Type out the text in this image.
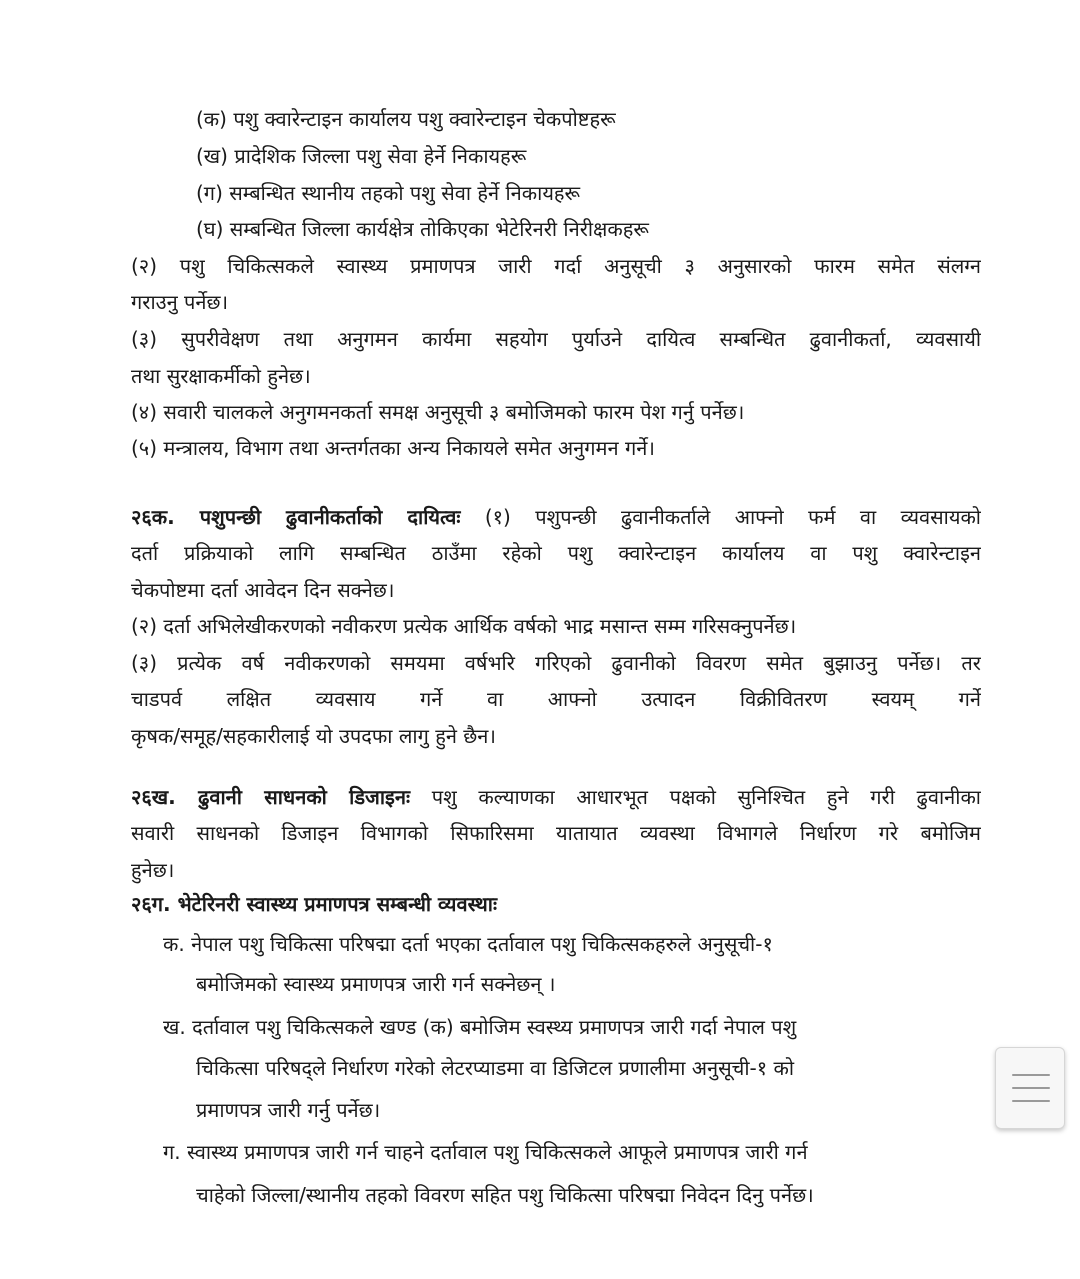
(क) पशु क्वारेन्टाइन कार्यालय पशु क्वारेन्टाइन चेकपोष्टहरू
(ख) प्रादेशिक जिल्ला पशु सेवा हेर्ने निकायहरू
(ग) सम्बन्धित स्थानीय तहको पशु सेवा हेर्ने निकायहरू
(घ) सम्बन्धित जिल्ला कार्यक्षेत्र तोकिएका भेटेरिनरी निरीक्षकहरू
(२) पशु चिकित्सकले स्वास्थ्य प्रमाणपत्र जारी गर्दा अनुसूची ३ अनुसारको फारम समेत संलग्न
गराउनु पर्नेछ।
(३) सुपरीवेक्षण तथा अनुगमन कार्यमा सहयोग पुर्याउने दायित्व सम्बन्धित ढुवानीकर्ता, व्यवसायी
तथा सुरक्षाकर्मीको हुनेछ।
(४) सवारी चालकले अनुगमनकर्ता समक्ष अनुसूची ३ बमोजिमको फारम पेश गर्नु पर्नेछ।
(५) मन्त्रालय, विभाग तथा अन्तर्गतका अन्य निकायले समेत अनुगमन गर्ने।
२६क. पशुपन्छी ढुवानीकर्ताको दायित्वः (१) पशुपन्छी ढुवानीकर्ताले आफ्नो फर्म वा व्यवसायको
दर्ता प्रक्रियाको लागि सम्बन्धित ठाउँमा रहेको पशु क्वारेन्टाइन कार्यालय वा पशु क्वारेन्टाइन
चेकपोष्टमा दर्ता आवेदन दिन सक्नेछ।
(२) दर्ता अभिलेखीकरणको नवीकरण प्रत्येक आर्थिक वर्षको भाद्र मसान्त सम्म गरिसक्नुपर्नेछ।
(३) प्रत्येक वर्ष नवीकरणको समयमा वर्षभरि गरिएको ढुवानीको विवरण समेत बुझाउनु पर्नेछ। तर
चाडपर्व लक्षित व्यवसाय गर्ने वा आफ्नो उत्पादन विक्रीवितरण स्वयम् गर्ने
कृषक/समूह/सहकारीलाई यो उपदफा लागु हुने छैन।
२६ख. ढुवानी साधनको डिजाइनः पशु कल्याणका आधारभूत पक्षको सुनिश्चित हुने गरी ढुवानीका
सवारी साधनको डिजाइन विभागको सिफारिसमा यातायात व्यवस्था विभागले निर्धारण गरे बमोजिम
हुनेछ।
२६ग. भेटेरिनरी स्वास्थ्य प्रमाणपत्र सम्बन्धी व्यवस्थाः
क. नेपाल पशु चिकित्सा परिषद्मा दर्ता भएका दर्तावाल पशु चिकित्सकहरुले अनुसूची-१
बमोजिमको स्वास्थ्य प्रमाणपत्र जारी गर्न सक्नेछन् ।
ख. दर्तावाल पशु चिकित्सकले खण्ड (क) बमोजिम स्वस्थ्य प्रमाणपत्र जारी गर्दा नेपाल पशु
चिकित्सा परिषद्ले निर्धारण गरेको लेटरप्याडमा वा डिजिटल प्रणालीमा अनुसूची-१ को
प्रमाणपत्र जारी गर्नु पर्नेछ।
ग. स्वास्थ्य प्रमाणपत्र जारी गर्न चाहने दर्तावाल पशु चिकित्सकले आफूले प्रमाणपत्र जारी गर्न
चाहेको जिल्ला/स्थानीय तहको विवरण सहित पशु चिकित्सा परिषद्मा निवेदन दिनु पर्नेछ।
